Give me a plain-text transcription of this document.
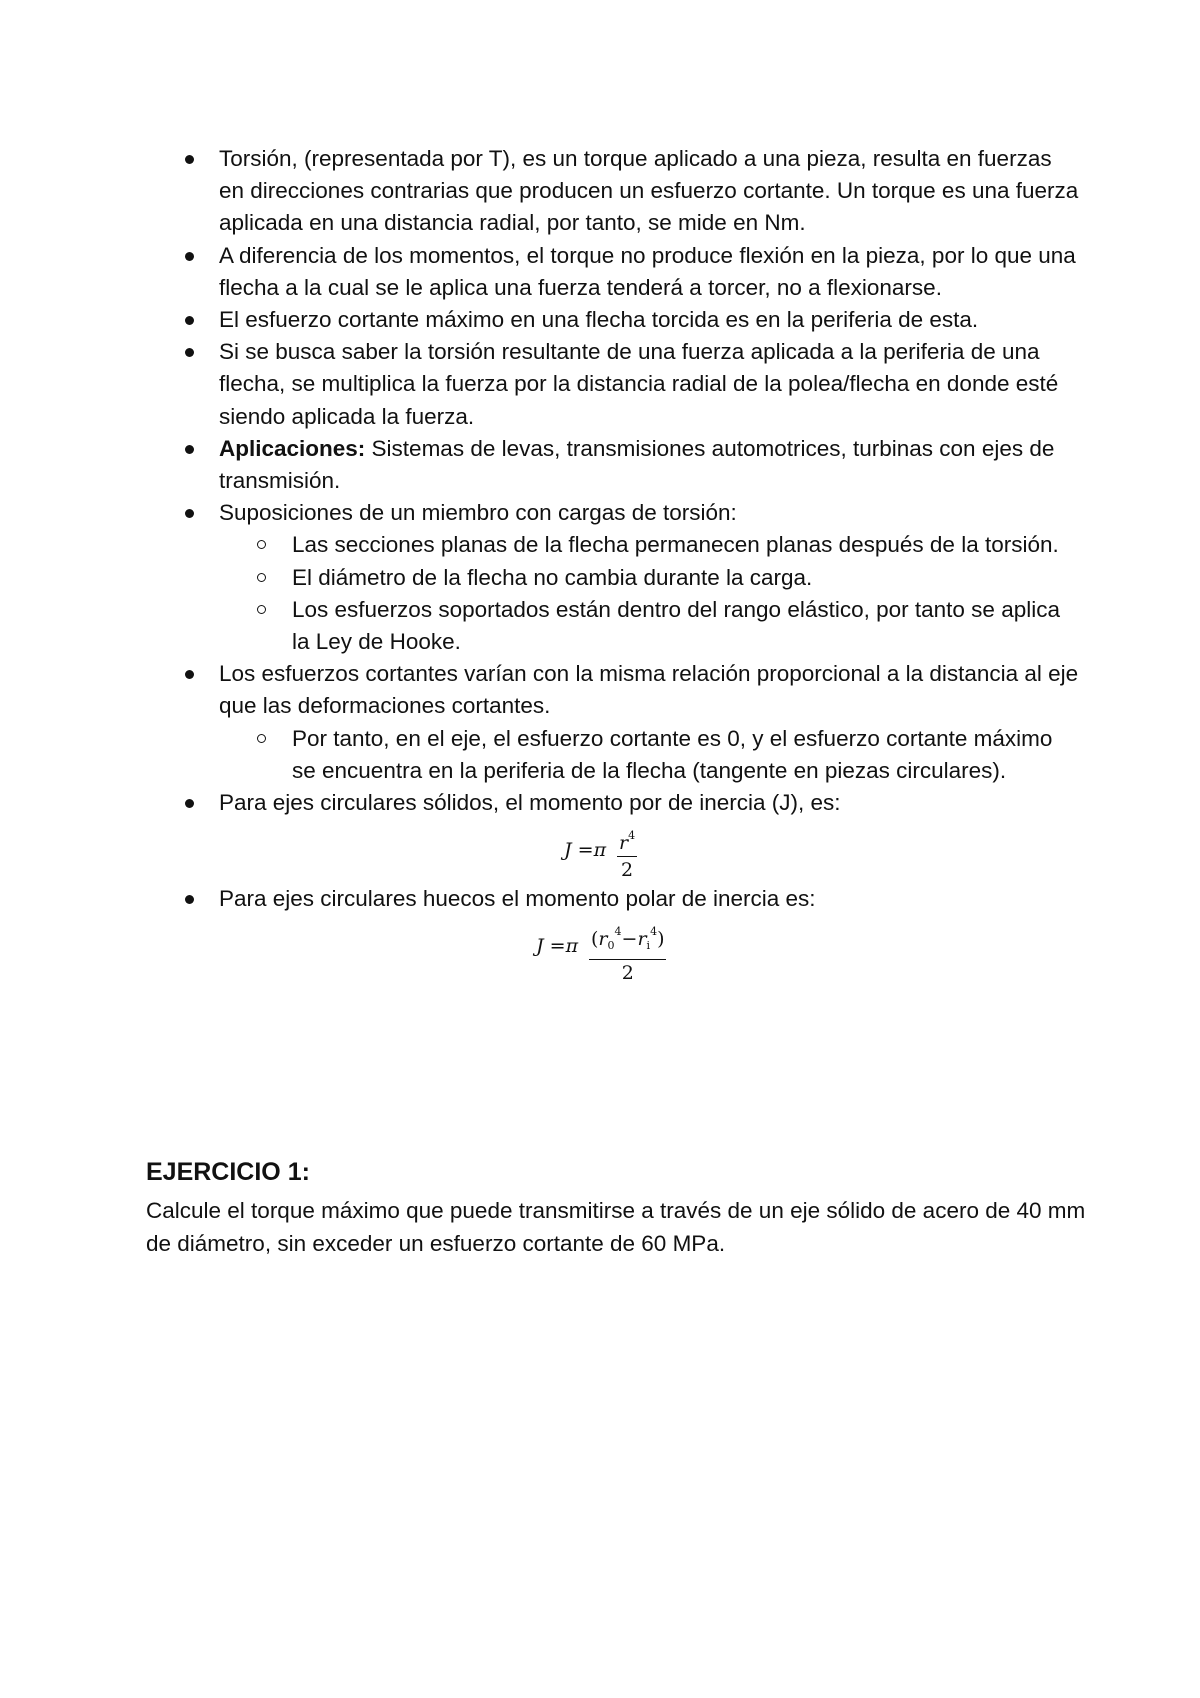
Torsión, (representada por T), es un torque aplicado a una pieza, resulta en fuerzas en direcciones contrarias que producen un esfuerzo cortante. Un torque es una fuerza aplicada en una distancia radial, por tanto, se mide en Nm.
A diferencia de los momentos, el torque no produce flexión en la pieza, por lo que una flecha a la cual se le aplica una fuerza tenderá a torcer, no a flexionarse.
El esfuerzo cortante máximo en una flecha torcida es en la periferia de esta.
Si se busca saber la torsión resultante de una fuerza aplicada a la periferia de una flecha, se multiplica la fuerza por la distancia radial de la polea/flecha en donde esté siendo aplicada la fuerza.
Aplicaciones: Sistemas de levas, transmisiones automotrices, turbinas con ejes de transmisión.
Suposiciones de un miembro con cargas de torsión:
Las secciones planas de la flecha permanecen planas después de la torsión.
El diámetro de la flecha no cambia durante la carga.
Los esfuerzos soportados están dentro del rango elástico, por tanto se aplica la Ley de Hooke.
Los esfuerzos cortantes varían con la misma relación proporcional a la distancia al eje que las deformaciones cortantes.
Por tanto, en el eje, el esfuerzo cortante es 0, y el esfuerzo cortante máximo se encuentra en la periferia de la flecha (tangente en piezas circulares).
Para ejes circulares sólidos, el momento por de inercia (J), es:
$J =\pi \frac{r^4}{2}$
Para ejes circulares huecos el momento polar de inercia es:
$J =\pi \frac{(r_0^4-r_i^4)}{2}$
EJERCICIO 1:

Calcule el torque máximo que puede transmitirse a través de un eje sólido de acero de 40 mm de diámetro, sin exceder un esfuerzo cortante de 60 MPa.
